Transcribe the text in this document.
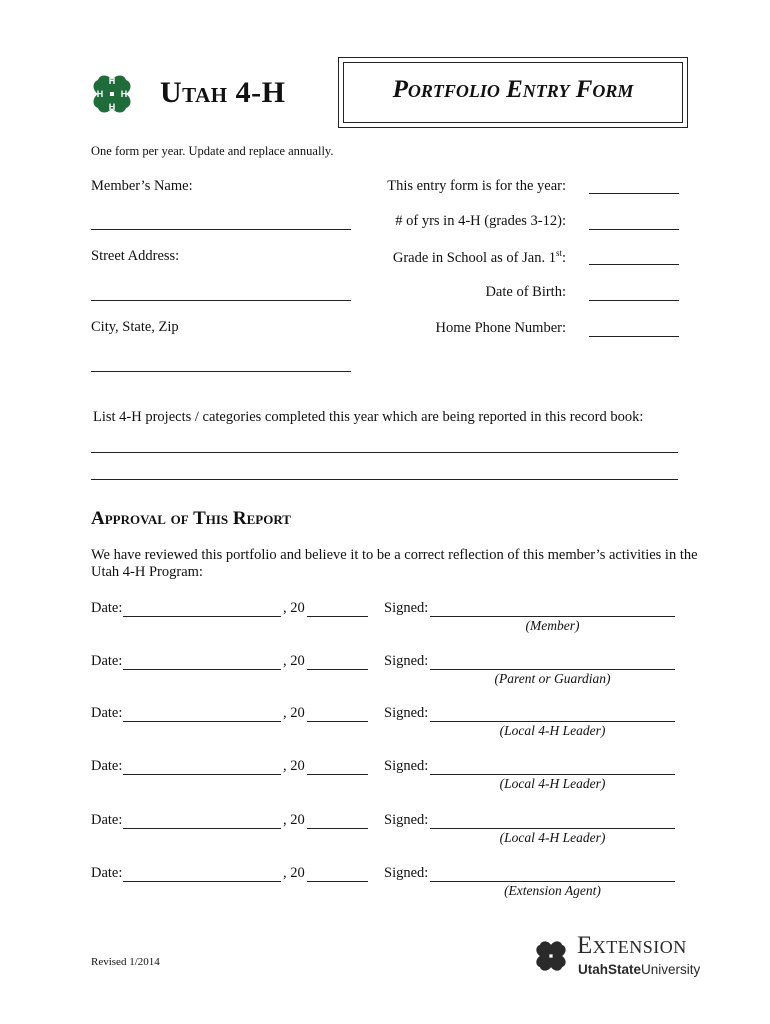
H
H
H
H Utah 4-H	Portfolio Entry Form
One form per year. Update and replace annually.
Member’s Name:
Street Address:
City, State, Zip
This entry form is for the year:
# of yrs in 4-H (grades 3-12):
Grade in School as of Jan. 1st:
Date of Birth:
Home Phone Number:
List 4-H projects / categories completed this year which are being reported in this record book:
Approval of This Report
We have reviewed this portfolio and believe it to be a correct reflection of this member’s activities in the Utah 4-H Program:
Date:	, 20	Signed:
(Member)
Date:	, 20	Signed:
(Parent or Guardian)
Date:	, 20	Signed:
(Local 4-H Leader)
Date:	, 20	Signed:
(Local 4-H Leader)
Date:	, 20	Signed:
(Local 4-H Leader)
Date:	, 20	Signed:
(Extension Agent)
Revised 1/2014
Extension
UtahStateUniversity
